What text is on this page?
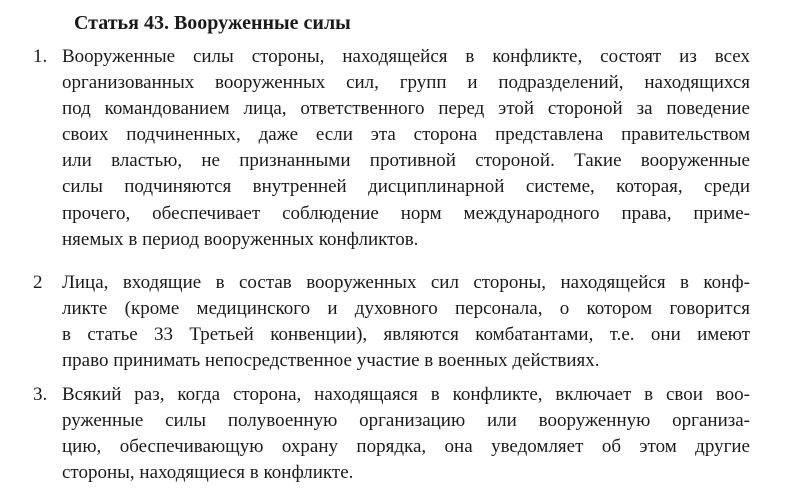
Статья 43. Вооруженные силы
1. Вооруженные силы стороны, находящейся в конфликте, состоят из всех
организованных вооруженных сил, групп и подразделений, находящихся
под командованием лица, ответственного перед этой стороной за поведение
своих подчиненных, даже если эта сторона представлена правительством
или властью, не признанными противной стороной. Такие вооруженные
силы подчиняются внутренней дисциплинарной системе, которая, среди
прочего, обеспечивает соблюдение норм международного права, приме-
няемых в период вооруженных конфликтов.
2 Лица, входящие в состав вооруженных сил стороны, находящейся в конф-
ликте (кроме медицинского и духовного персонала, о котором говорится
в статье 33 Третьей конвенции), являются комбатантами, т.е. они имеют
право принимать непосредственное участие в военных действиях.
3. Всякий раз, когда сторона, находящаяся в конфликте, включает в свои воо-
руженные силы полувоенную организацию или вооруженную организа-
цию, обеспечивающую охрану порядка, она уведомляет об этом другие
стороны, находящиеся в конфликте.
